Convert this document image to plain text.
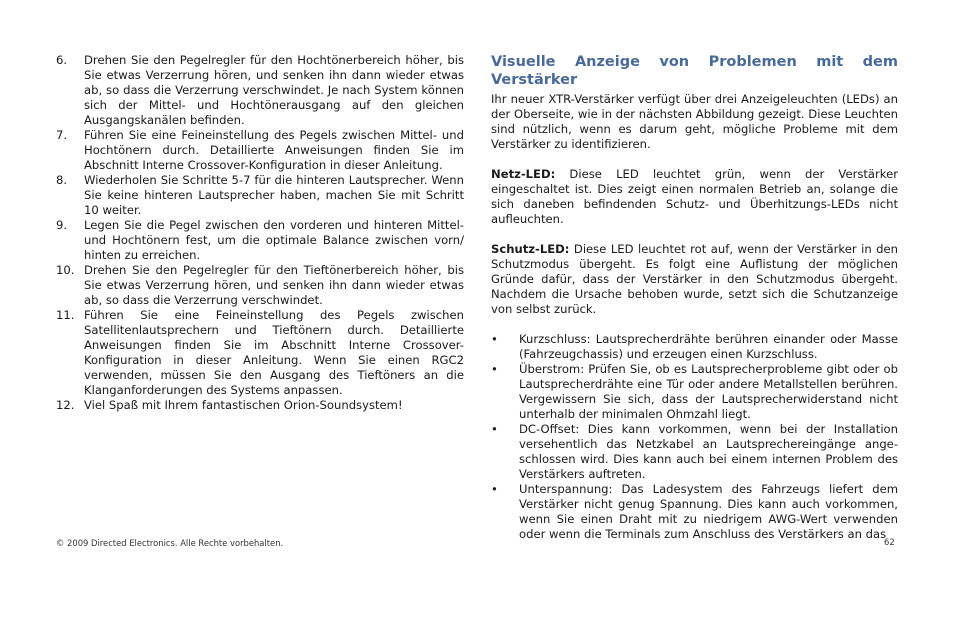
6.	Drehen Sie den Pegelregler für den Hochtönerbereich höher, bis Sie etwas Verzerrung hören, und senken ihn dann wieder etwas ab, so dass die Verzerrung verschwindet. Je nach System können sich der Mittel- und Hochtönerausgang auf den gleichen Ausgangskanälen befinden.
7.	Führen Sie eine Feineinstellung des Pegels zwischen Mittel- und Hochtönern durch. Detaillierte Anweisungen finden Sie im Abschnitt Interne Crossover-Konfiguration in dieser Anleitung.
8.	Wiederholen Sie Schritte 5-7 für die hinteren Lautsprecher. Wenn Sie keine hinteren Lautsprecher haben, machen Sie mit Schritt 10 weiter.
9.	Legen Sie die Pegel zwischen den vorderen und hinteren Mittel- und Hochtönern fest, um die optimale Balance zwischen vorn/ hinten zu erreichen.
10. Drehen Sie den Pegelregler für den Tieftönerbereich höher, bis Sie etwas Verzerrung hören, und senken ihn dann wieder etwas ab, so dass die Verzerrung verschwindet.
11. Führen Sie eine Feineinstellung des Pegels zwischen Satellitenlautsprechern und Tieftönern durch. Detaillierte Anweisungen finden Sie im Abschnitt Interne Crossover-Konfiguration in dieser Anleitung. Wenn Sie einen RGC2 verwenden, müssen Sie den Ausgang des Tieftöners an die Klanganforderungen des Systems anpassen.
12. Viel Spaß mit Ihrem fantastischen Orion-Soundsystem!
Visuelle Anzeige von Problemen mit dem Verstärker

Ihr neuer XTR-Verstärker verfügt über drei Anzeigeleuchten (LEDs) an der Oberseite, wie in der nächsten Abbildung gezeigt. Diese Leuchten sind nützlich, wenn es darum geht, mögliche Probleme mit dem Verstärker zu identifizieren.

Netz-LED: Diese LED leuchtet grün, wenn der Verstärker eingeschaltet ist. Dies zeigt einen normalen Betrieb an, solange die sich daneben befindenden Schutz- und Überhitzungs-LEDs nicht aufleuchten.

Schutz-LED: Diese LED leuchtet rot auf, wenn der Verstärker in den Schutzmodus übergeht. Es folgt eine Auflistung der möglichen Gründe dafür, dass der Verstärker in den Schutzmodus übergeht. Nachdem die Ursache behoben wurde, setzt sich die Schutzanzeige von selbst zurück.

•	Kurzschluss: Lautsprecherdrähte berühren einander oder Masse (Fahrzeugchassis) und erzeugen einen Kurzschluss.
•	Überstrom: Prüfen Sie, ob es Lautsprecherprobleme gibt oder ob Lautsprecherdrähte eine Tür oder andere Metallstellen berühren. Vergewissern Sie sich, dass der Lautsprecherwiderstand nicht unterhalb der minimalen Ohmzahl liegt.
•	DC-Offset: Dies kann vorkommen, wenn bei der Installation versehentlich das Netzkabel an Lautsprechereingänge ange-schlossen wird. Dies kann auch bei einem internen Problem des Verstärkers auftreten.
•	Unterspannung: Das Ladesystem des Fahrzeugs liefert dem Verstärker nicht genug Spannung. Dies kann auch vorkommen, wenn Sie einen Draht mit zu niedrigem AWG-Wert verwenden oder wenn die Terminals zum Anschluss des Verstärkers an das
© 2009 Directed Electronics. Alle Rechte vorbehalten.	62
